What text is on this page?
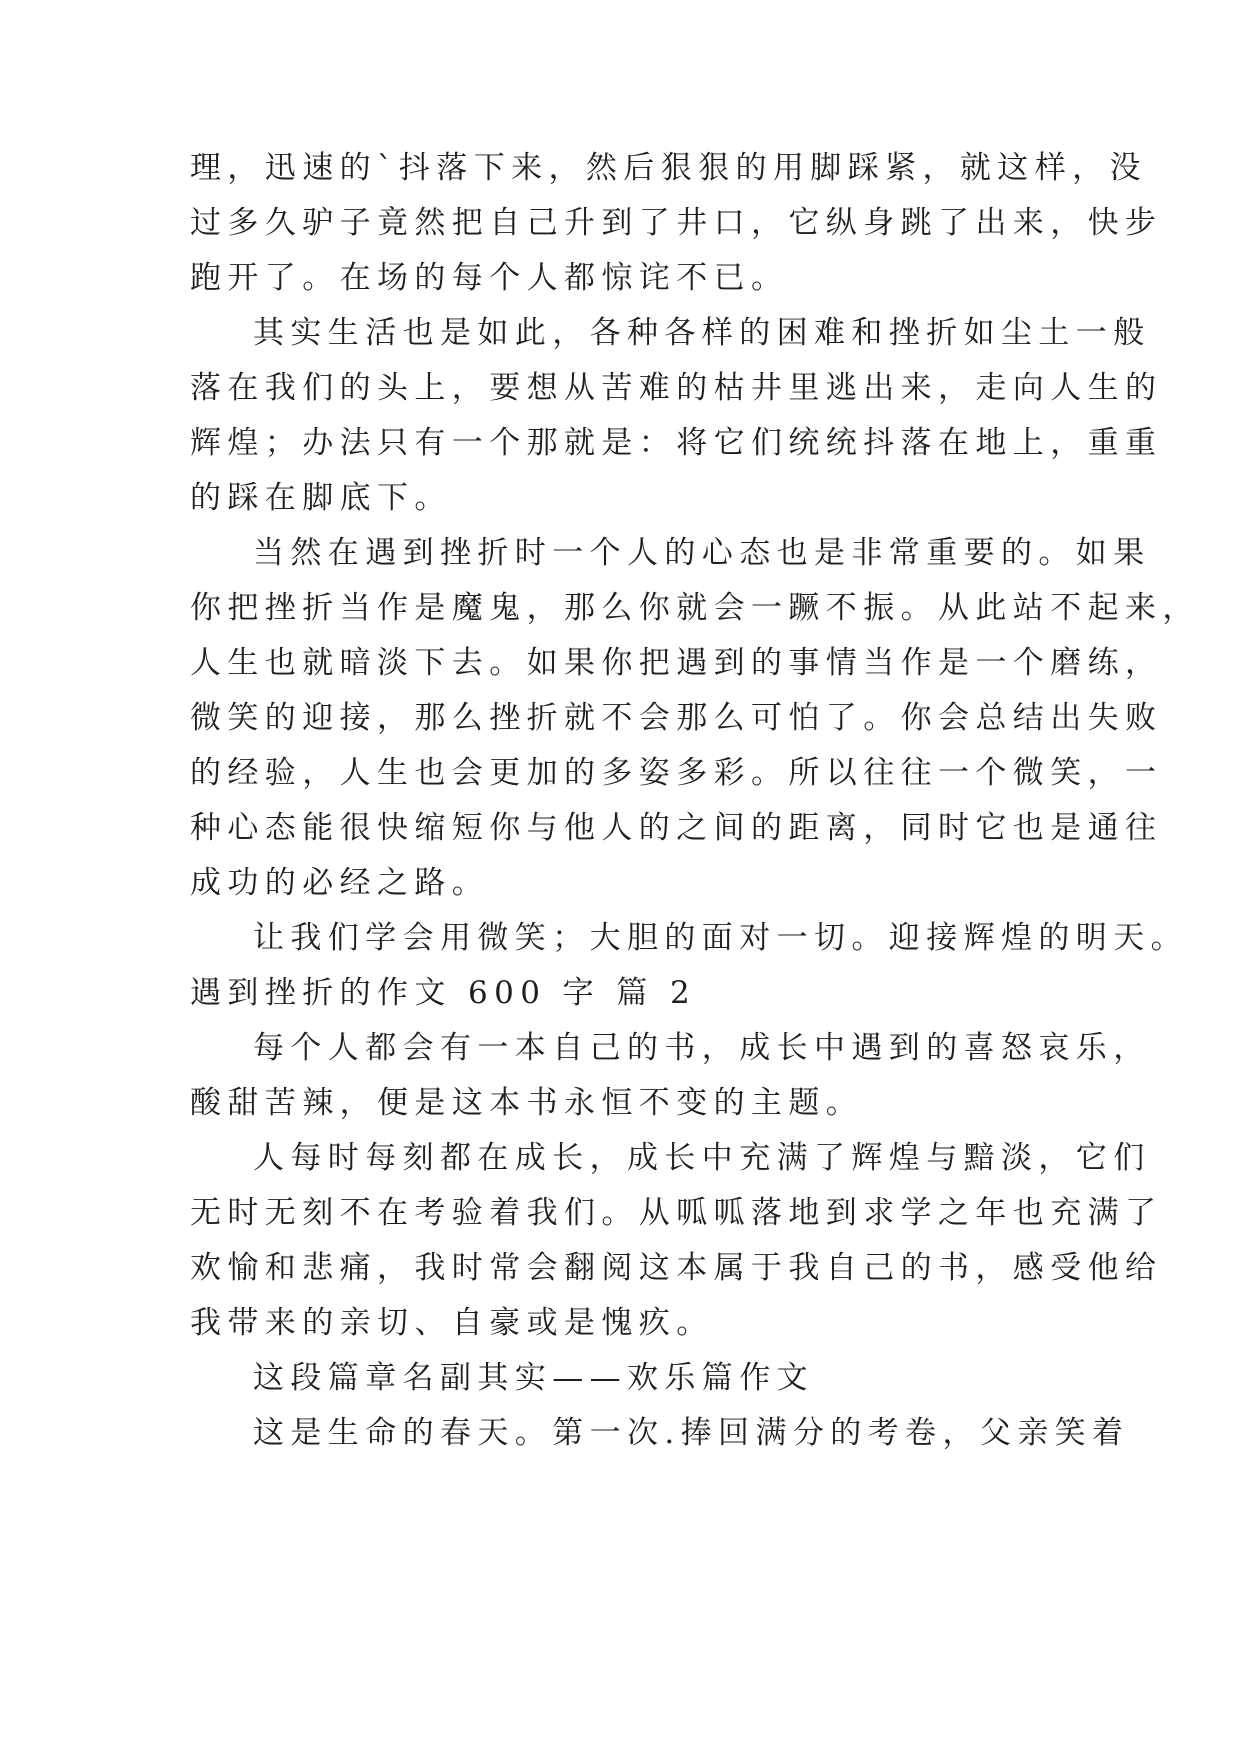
理，迅速的`抖落下来，然后狠狠的用脚踩紧，就这样，没
过多久驴子竟然把自己升到了井口，它纵身跳了出来，快步
跑开了。在场的每个人都惊诧不已。
其实生活也是如此，各种各样的困难和挫折如尘土一般
落在我们的头上，要想从苦难的枯井里逃出来，走向人生的
辉煌；办法只有一个那就是：将它们统统抖落在地上，重重
的踩在脚底下。
当然在遇到挫折时一个人的心态也是非常重要的。如果
你把挫折当作是魔鬼，那么你就会一蹶不振。从此站不起来，
人生也就暗淡下去。如果你把遇到的事情当作是一个磨练，
微笑的迎接，那么挫折就不会那么可怕了。你会总结出失败
的经验，人生也会更加的多姿多彩。所以往往一个微笑，一
种心态能很快缩短你与他人的之间的距离，同时它也是通往
成功的必经之路。
让我们学会用微笑；大胆的面对一切。迎接辉煌的明天。
遇到挫折的作文 600 字 篇 2
每个人都会有一本自己的书，成长中遇到的喜怒哀乐，
酸甜苦辣，便是这本书永恒不变的主题。
人每时每刻都在成长，成长中充满了辉煌与黯淡，它们
无时无刻不在考验着我们。从呱呱落地到求学之年也充满了
欢愉和悲痛，我时常会翻阅这本属于我自己的书，感受他给
我带来的亲切、自豪或是愧疚。
这段篇章名副其实——欢乐篇作文
这是生命的春天。第一次.捧回满分的考卷，父亲笑着
